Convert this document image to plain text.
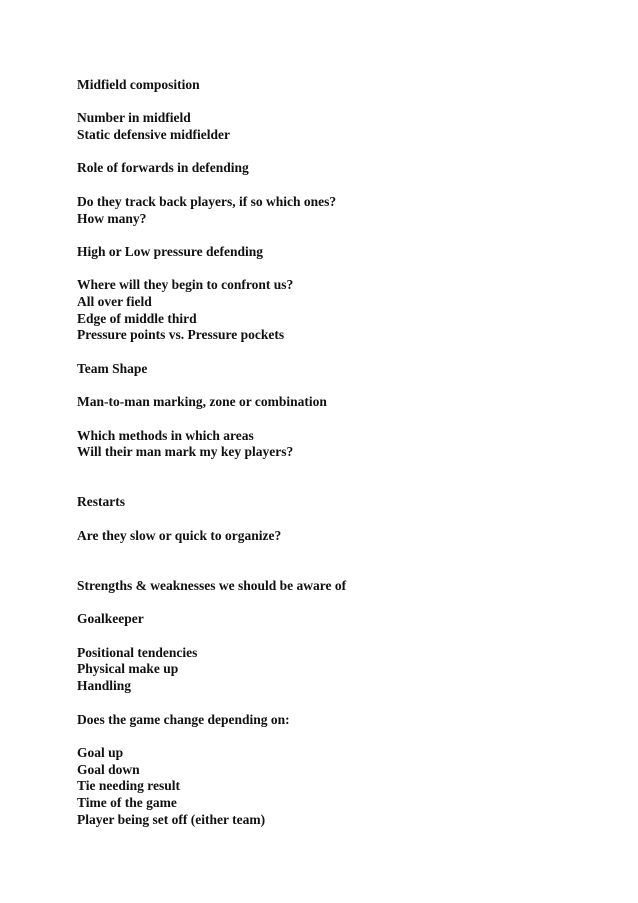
Midfield composition

Number in midfield
Static defensive midfielder

Role of forwards in defending

Do they track back players, if so which ones?
How many?

High or Low pressure defending

Where will they begin to confront us?
All over field
Edge of middle third
Pressure points vs. Pressure pockets

Team Shape

Man-to-man marking, zone or combination

Which methods in which areas
Will their man mark my key players?

Restarts

Are they slow or quick to organize?

Strengths & weaknesses we should be aware of

Goalkeeper

Positional tendencies
Physical make up
Handling

Does the game change depending on:

Goal up
Goal down
Tie needing result
Time of the game
Player being set off (either team)
